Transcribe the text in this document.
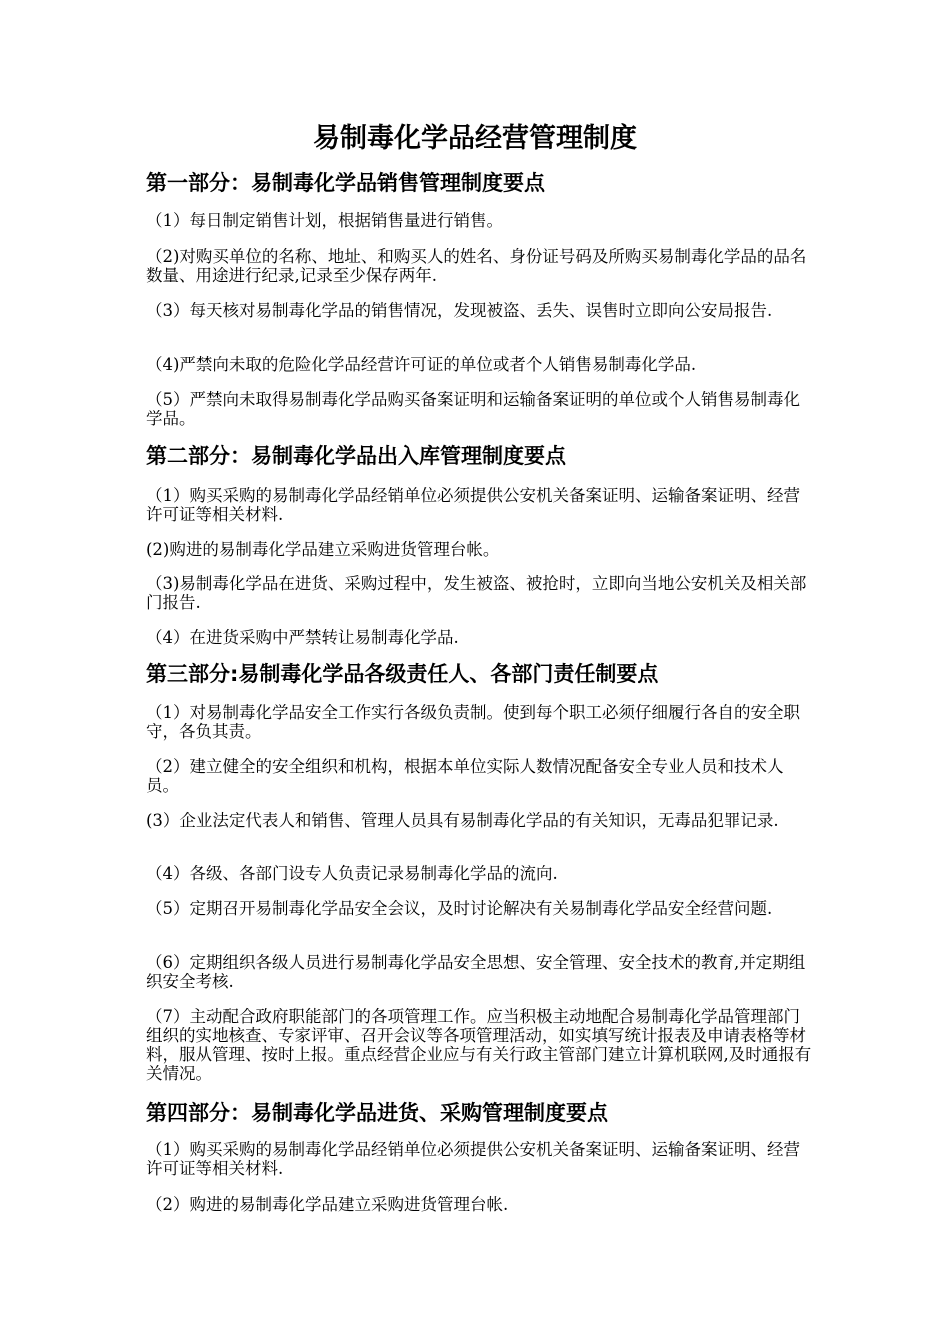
易制毒化学品经营管理制度
第一部分：易制毒化学品销售管理制度要点
（1）每日制定销售计划，根据销售量进行销售。
（2)对购买单位的名称、地址、和购买人的姓名、身份证号码及所购买易制毒化学品的品名数量、用途进行纪录,记录至少保存两年.
（3）每天核对易制毒化学品的销售情况，发现被盗、丢失、误售时立即向公安局报告.
（4)严禁向未取的危险化学品经营许可证的单位或者个人销售易制毒化学品.
（5）严禁向未取得易制毒化学品购买备案证明和运输备案证明的单位或个人销售易制毒化学品。
第二部分：易制毒化学品出入库管理制度要点
（1）购买采购的易制毒化学品经销单位必须提供公安机关备案证明、运输备案证明、经营许可证等相关材料.
(2)购进的易制毒化学品建立采购进货管理台帐。
（3)易制毒化学品在进货、采购过程中，发生被盗、被抢时，立即向当地公安机关及相关部门报告.
（4）在进货采购中严禁转让易制毒化学品.
第三部分:易制毒化学品各级责任人、各部门责任制要点
（1）对易制毒化学品安全工作实行各级负责制。使到每个职工必须仔细履行各自的安全职守，各负其责。
（2）建立健全的安全组织和机构，根据本单位实际人数情况配备安全专业人员和技术人员。
(3）企业法定代表人和销售、管理人员具有易制毒化学品的有关知识，无毒品犯罪记录.
（4）各级、各部门设专人负责记录易制毒化学品的流向.
（5）定期召开易制毒化学品安全会议，及时讨论解决有关易制毒化学品安全经营问题.
（6）定期组织各级人员进行易制毒化学品安全思想、安全管理、安全技术的教育,并定期组织安全考核.
（7）主动配合政府职能部门的各项管理工作。应当积极主动地配合易制毒化学品管理部门组织的实地核查、专家评审、召开会议等各项管理活动，如实填写统计报表及申请表格等材料，服从管理、按时上报。重点经营企业应与有关行政主管部门建立计算机联网,及时通报有关情况。
第四部分：易制毒化学品进货、采购管理制度要点
（1）购买采购的易制毒化学品经销单位必须提供公安机关备案证明、运输备案证明、经营许可证等相关材料.
（2）购进的易制毒化学品建立采购进货管理台帐.
